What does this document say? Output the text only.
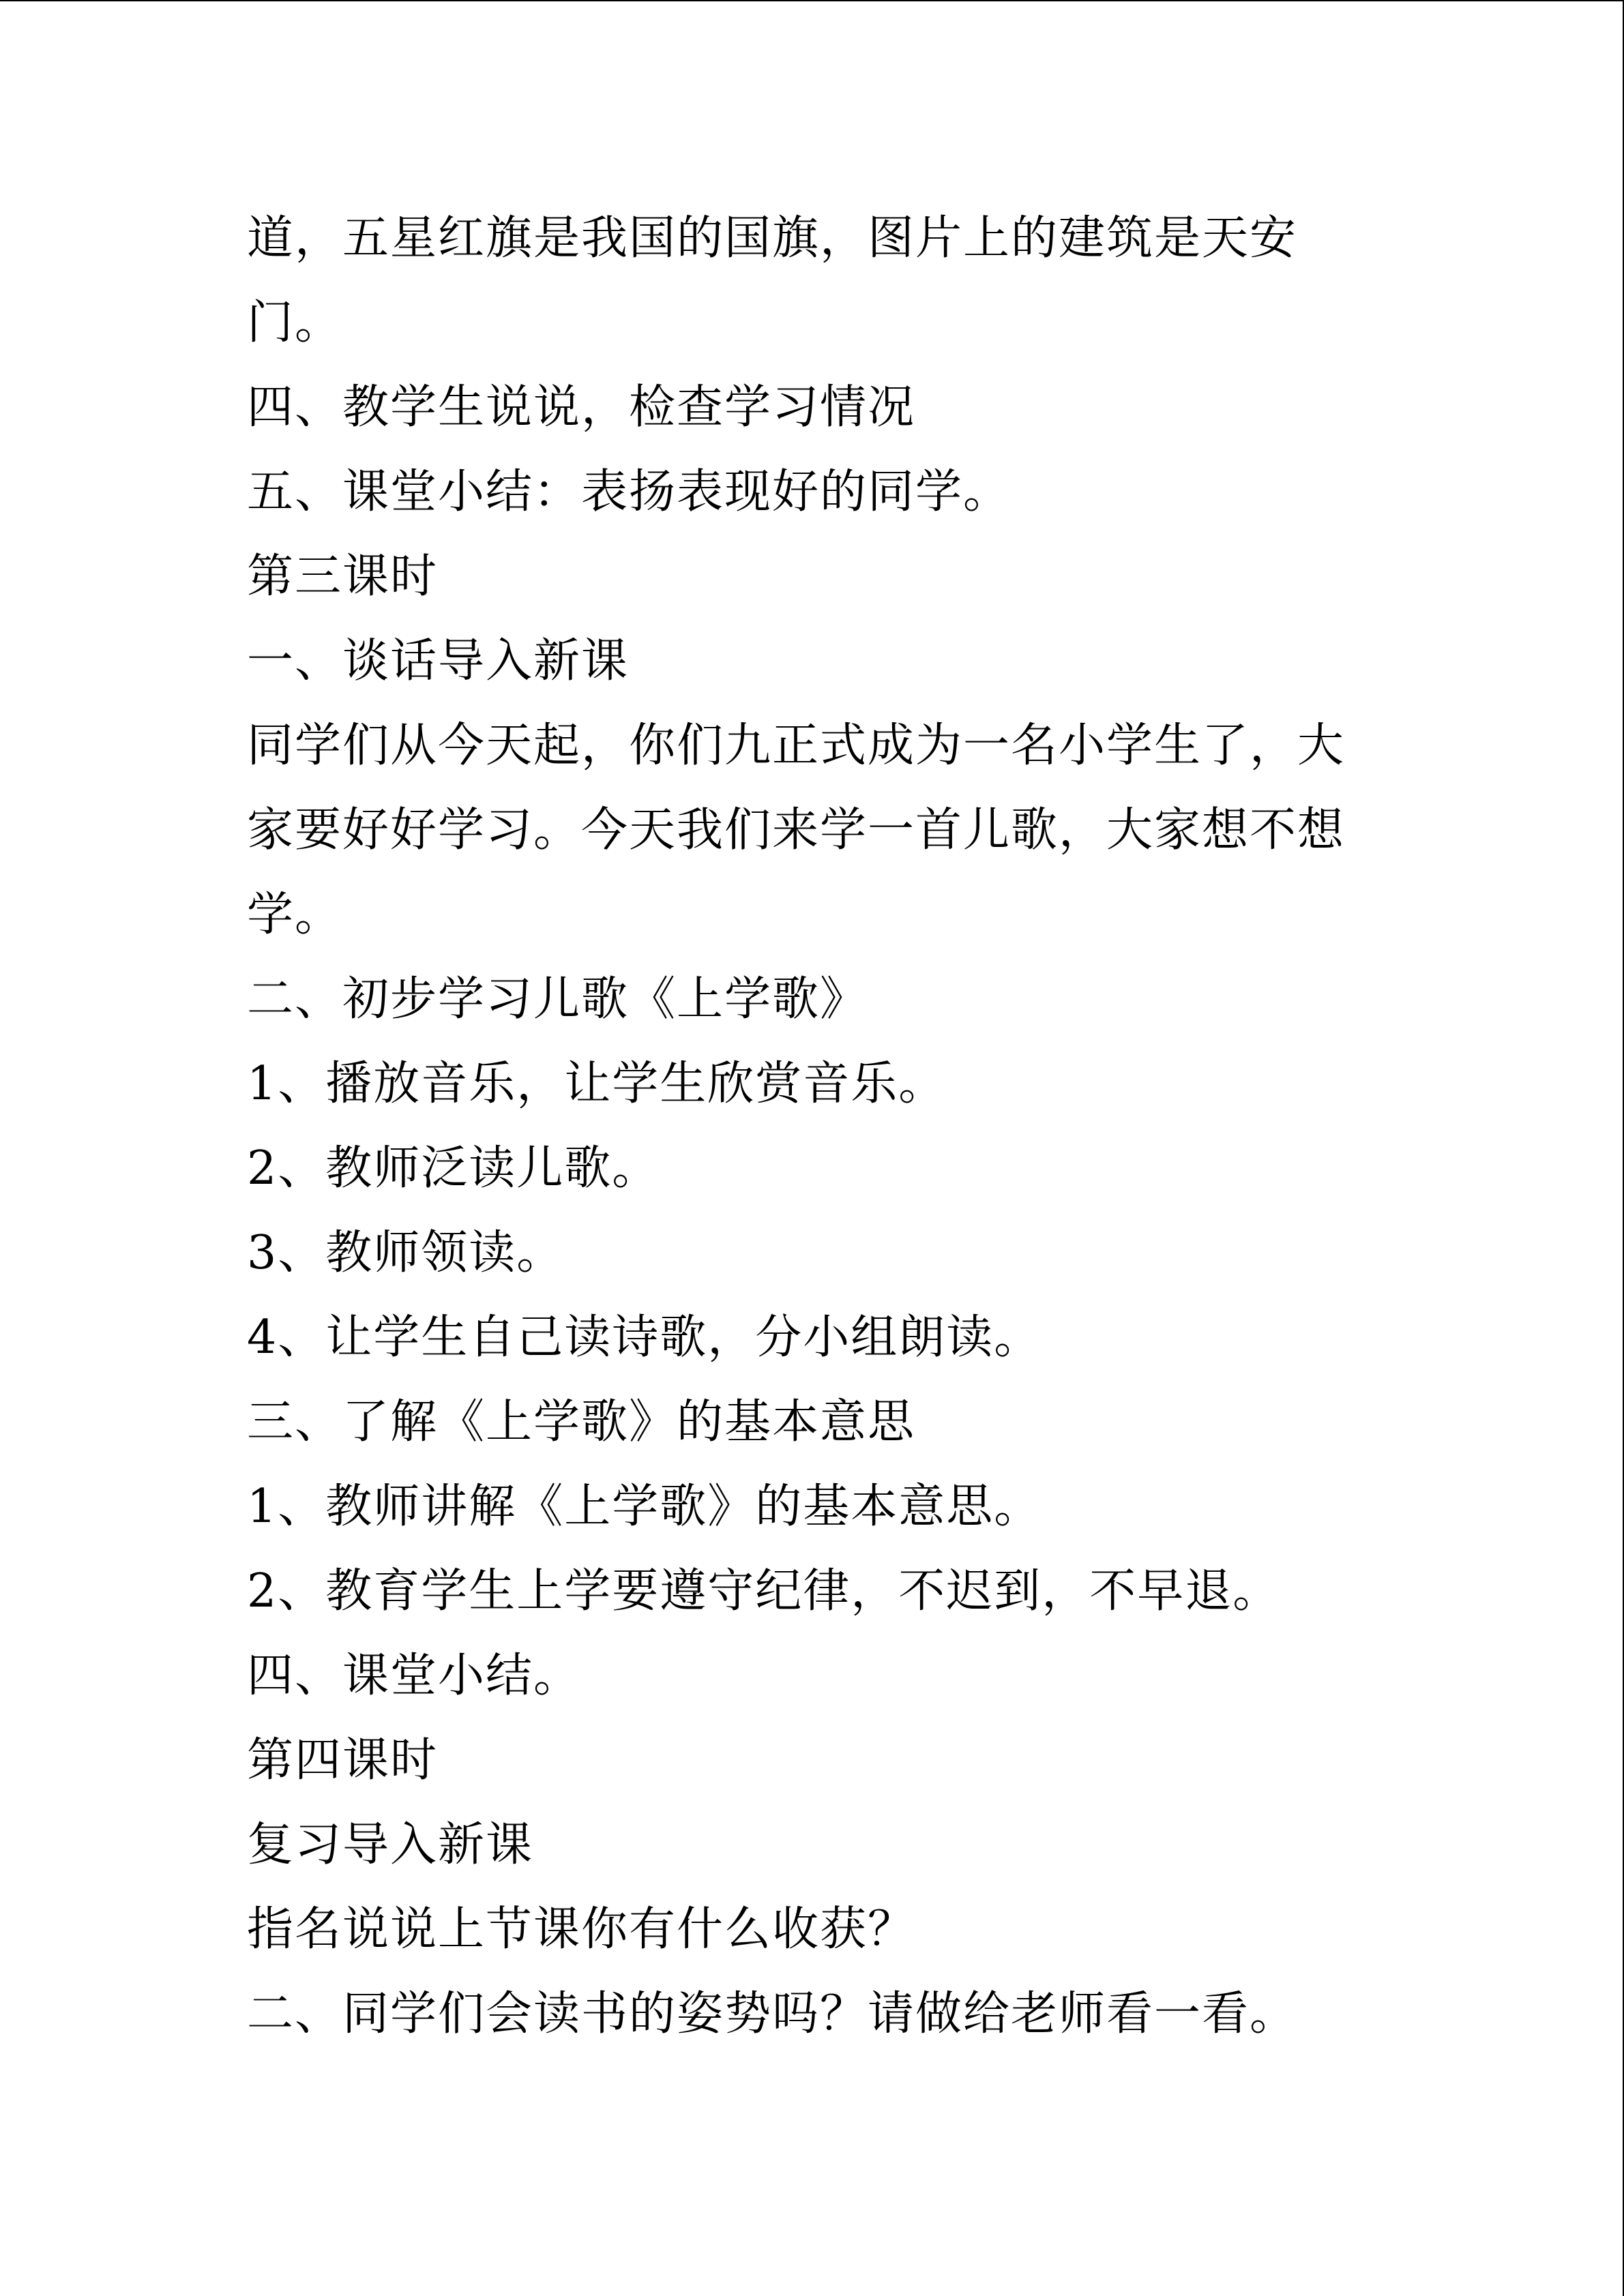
道，五星红旗是我国的国旗，图片上的建筑是天安
门。
四、教学生说说，检查学习情况
五、课堂小结：表扬表现好的同学。
第三课时
一、谈话导入新课
同学们从今天起，你们九正式成为一名小学生了，大
家要好好学习。今天我们来学一首儿歌，大家想不想
学。
二、初步学习儿歌《上学歌》
1、播放音乐，让学生欣赏音乐。
2、教师泛读儿歌。
3、教师领读。
4、让学生自己读诗歌，分小组朗读。
三、了解《上学歌》的基本意思
1、教师讲解《上学歌》的基本意思。
2、教育学生上学要遵守纪律，不迟到，不早退。
四、课堂小结。
第四课时
复习导入新课
指名说说上节课你有什么收获？
二、同学们会读书的姿势吗？请做给老师看一看。
